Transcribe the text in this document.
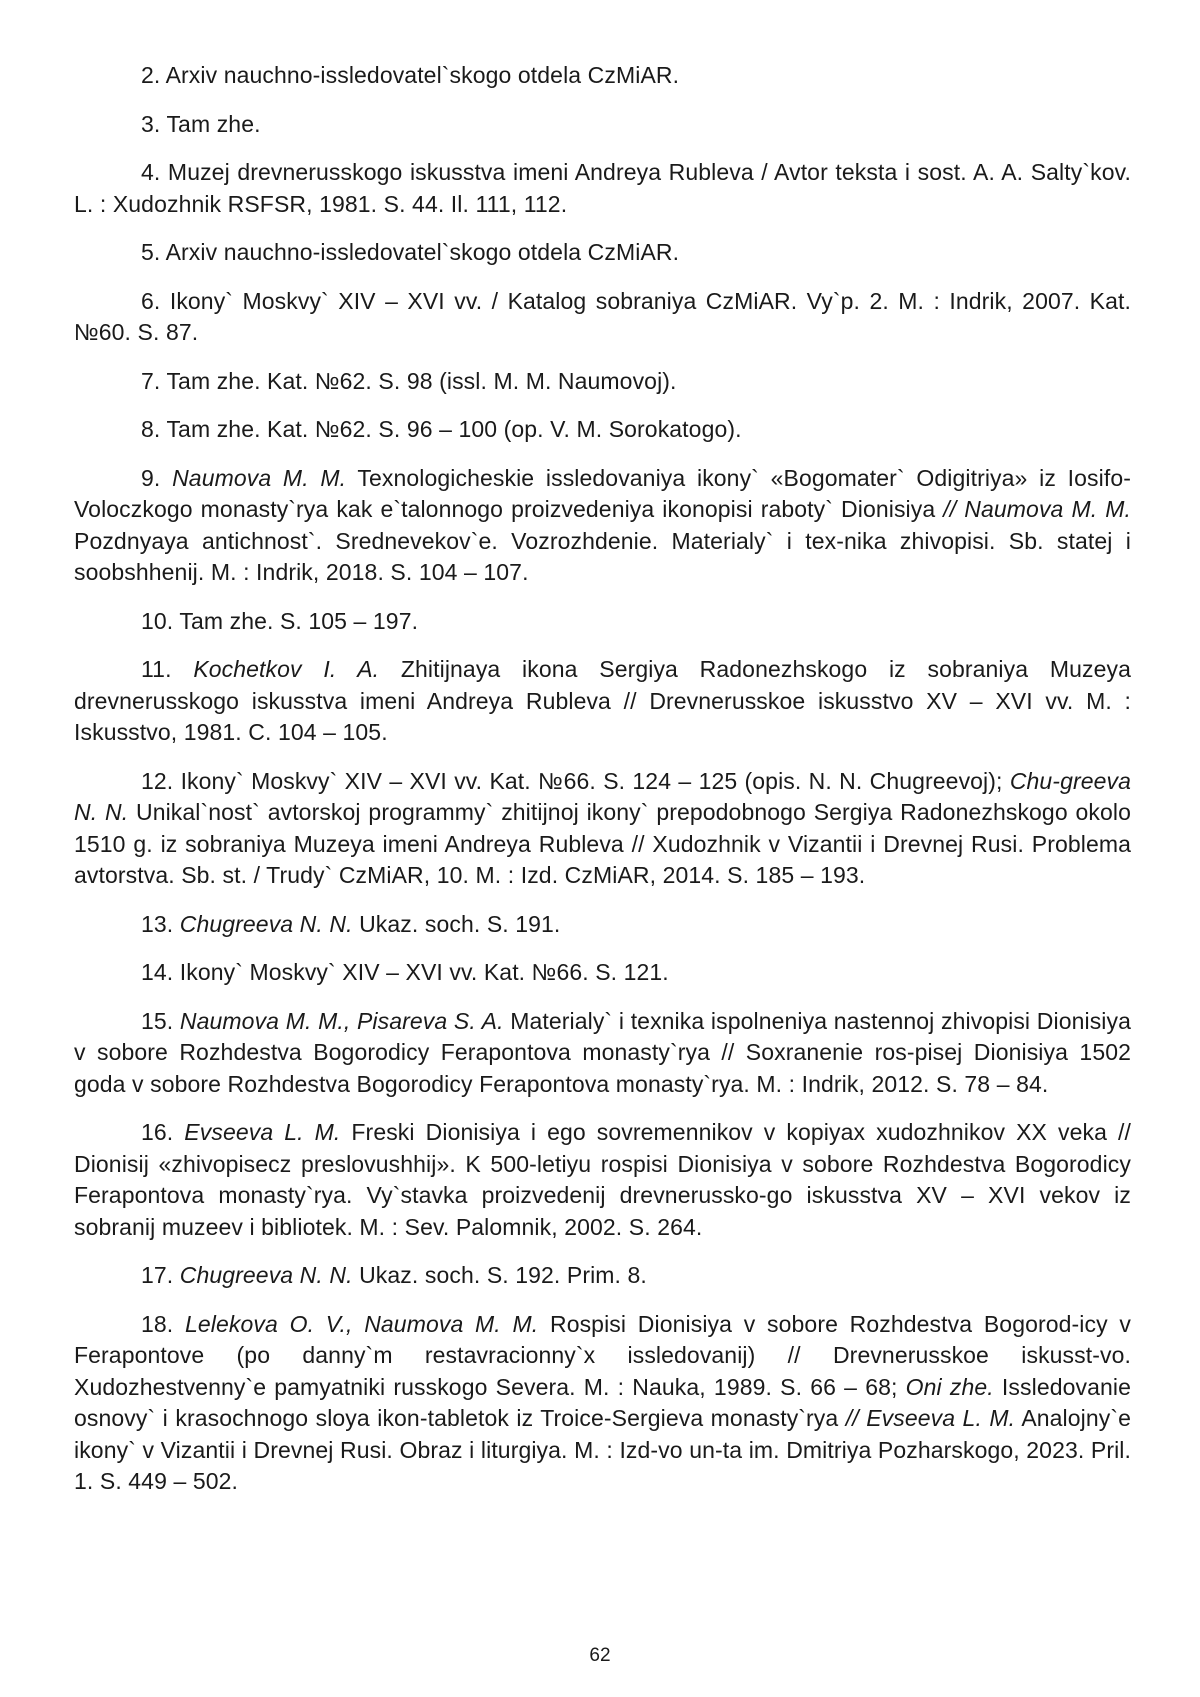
2. Arxiv nauchno-issledovatel`skogo otdela CzMiAR.

3. Tam zhe.

4. Muzej drevnerusskogo iskusstva imeni Andreya Rubleva / Avtor teksta i sost. A. A. Salty`kov. L. : Xudozhnik RSFSR, 1981. S. 44. Il. 111, 112.

5. Arxiv nauchno-issledovatel`skogo otdela CzMiAR.

6. Ikony` Moskvy` XIV – XVI vv. / Katalog sobraniya CzMiAR. Vy`p. 2. M. : Indrik, 2007. Kat. №60. S. 87.

7. Tam zhe. Kat. №62. S. 98 (issl. M. M. Naumovoj).

8. Tam zhe. Kat. №62. S. 96 – 100 (op. V. M. Sorokatogo).

9. Naumova M. M. Texnologicheskie issledovaniya ikony` «Bogomater` Odigitriya» iz Iosifo-Voloczkogo monasty`rya kak e`talonnogo proizvedeniya ikonopisi raboty` Dionisiya // Naumova M. M. Pozdnyaya antichnost`. Srednevekov`e. Vozrozhdenie. Materialy` i tex-nika zhivopisi. Sb. statej i soobshhenij. M. : Indrik, 2018. S. 104 – 107.

10. Tam zhe. S. 105 – 197.

11. Kochetkov I. A. Zhitijnaya ikona Sergiya Radonezhskogo iz sobraniya Muzeya drevnerusskogo iskusstva imeni Andreya Rubleva // Drevnerusskoe iskusstvo XV – XVI vv. M. : Iskusstvo, 1981. C. 104 – 105.

12. Ikony` Moskvy` XIV – XVI vv. Kat. №66. S. 124 – 125 (opis. N. N. Chugreevoj); Chu-greeva N. N. Unikal`nost` avtorskoj programmy` zhitijnoj ikony` prepodobnogo Sergiya Radonezhskogo okolo 1510 g. iz sobraniya Muzeya imeni Andreya Rubleva // Xudozhnik v Vizantii i Drevnej Rusi. Problema avtorstva. Sb. st. / Trudy` CzMiAR, 10. M. : Izd. CzMiAR, 2014. S. 185 – 193.

13. Chugreeva N. N. Ukaz. soch. S. 191.

14. Ikony` Moskvy` XIV – XVI vv. Kat. №66. S. 121.

15. Naumova M. M., Pisareva S. A. Materialy` i texnika ispolneniya nastennoj zhivopisi Dionisiya v sobore Rozhdestva Bogorodicy Ferapontova monasty`rya // Soxranenie ros-pisej Dionisiya 1502 goda v sobore Rozhdestva Bogorodicy Ferapontova monasty`rya. M. : Indrik, 2012. S. 78 – 84.

16. Evseeva L. M. Freski Dionisiya i ego sovremennikov v kopiyax xudozhnikov XX veka // Dionisij «zhivopisecz preslovushhij». K 500-letiyu rospisi Dionisiya v sobore Rozhdestva Bogorodicy Ferapontova monasty`rya. Vy`stavka proizvedenij drevnerussko-go iskusstva XV – XVI vekov iz sobranij muzeev i bibliotek. M. : Sev. Palomnik, 2002. S. 264.

17. Chugreeva N. N. Ukaz. soch. S. 192. Prim. 8.

18. Lelekova O. V., Naumova M. M. Rospisi Dionisiya v sobore Rozhdestva Bogorod-icy v Ferapontove (po danny`m restavracionny`x issledovanij) // Drevnerusskoe iskusst-vo. Xudozhestvenny`e pamyatniki russkogo Severa. M. : Nauka, 1989. S. 66 – 68; Oni zhe. Issledovanie osnovy` i krasochnogo sloya ikon-tabletok iz Troice-Sergieva monasty`rya // Evseeva L. M. Analojny`e ikony` v Vizantii i Drevnej Rusi. Obraz i liturgiya. M. : Izd-vo un-ta im. Dmitriya Pozharskogo, 2023. Pril. 1. S. 449 – 502.

62
